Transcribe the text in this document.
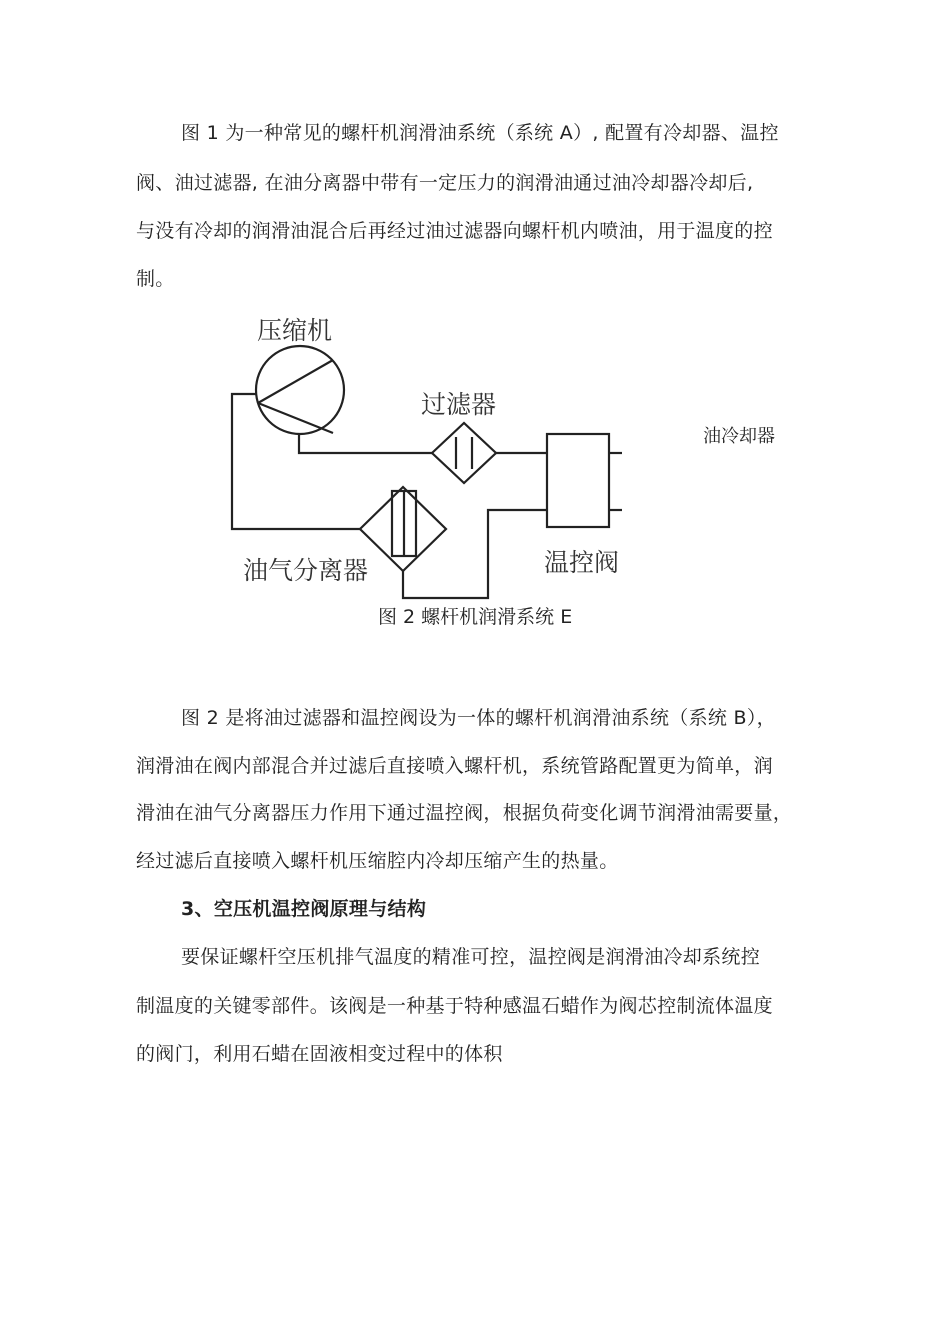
图 1 为一种常见的螺杆机润滑油系统（系统 A）, 配置有冷却器、温控
阀、油过滤器, 在油分离器中带有一定压力的润滑油通过油冷却器冷却后,
与没有冷却的润滑油混合后再经过油过滤器向螺杆机内喷油，用于温度的控
制。
压缩机
过滤器
油气分离器	温控阀
油冷却器
图 2 螺杆机润滑系统 E
图 2 是将油过滤器和温控阀设为一体的螺杆机润滑油系统（系统 B），
润滑油在阀内部混合并过滤后直接喷入螺杆机，系统管路配置更为简单，润
滑油在油气分离器压力作用下通过温控阀，根据负荷变化调节润滑油需要量，
经过滤后直接喷入螺杆机压缩腔内冷却压缩产生的热量。
3、空压机温控阀原理与结构
要保证螺杆空压机排气温度的精准可控，温控阀是润滑油冷却系统控
制温度的关键零部件。该阀是一种基于特种感温石蜡作为阀芯控制流体温度
的阀门，利用石蜡在固液相变过程中的体积
